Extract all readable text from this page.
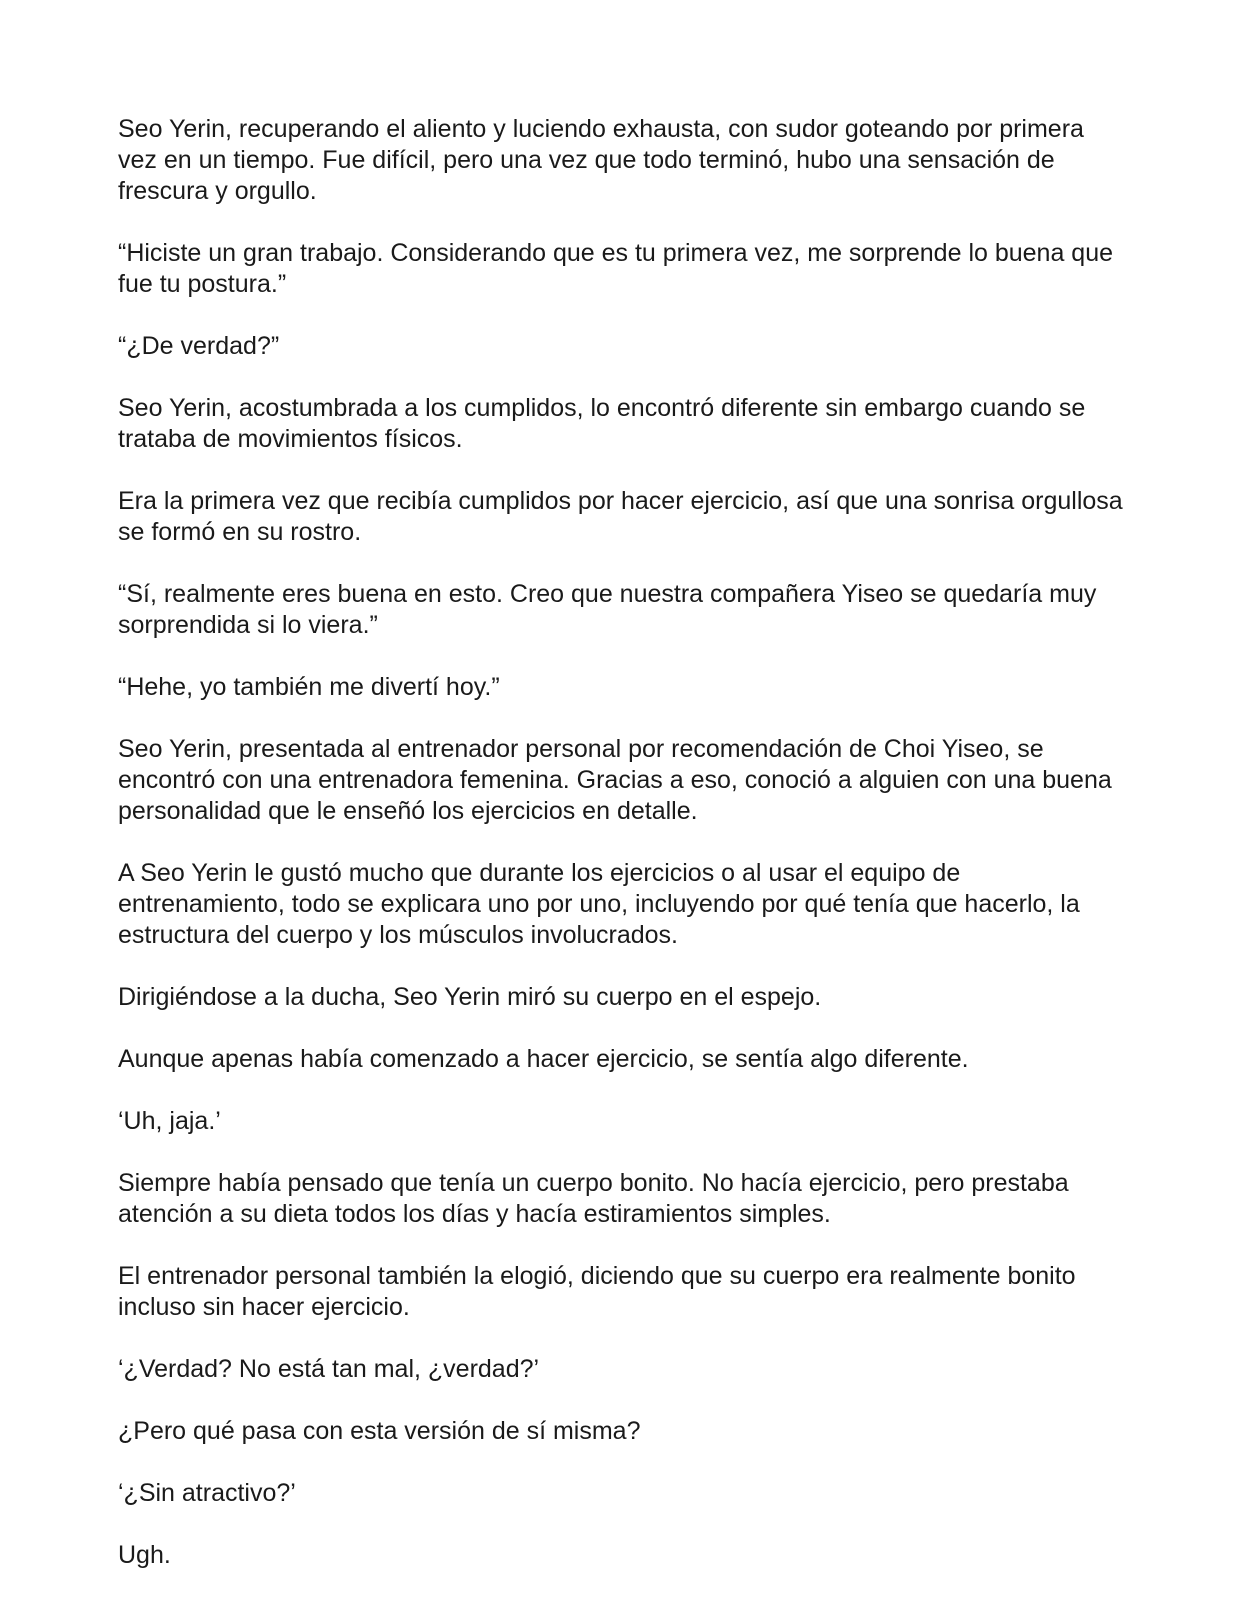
Seo Yerin, recuperando el aliento y luciendo exhausta, con sudor goteando por primera vez en un tiempo. Fue difícil, pero una vez que todo terminó, hubo una sensación de frescura y orgullo.

“Hiciste un gran trabajo. Considerando que es tu primera vez, me sorprende lo buena que fue tu postura.”

“¿De verdad?”

Seo Yerin, acostumbrada a los cumplidos, lo encontró diferente sin embargo cuando se trataba de movimientos físicos.

Era la primera vez que recibía cumplidos por hacer ejercicio, así que una sonrisa orgullosa se formó en su rostro.

“Sí, realmente eres buena en esto. Creo que nuestra compañera Yiseo se quedaría muy sorprendida si lo viera.”

“Hehe, yo también me divertí hoy.”

Seo Yerin, presentada al entrenador personal por recomendación de Choi Yiseo, se encontró con una entrenadora femenina. Gracias a eso, conoció a alguien con una buena personalidad que le enseñó los ejercicios en detalle.

A Seo Yerin le gustó mucho que durante los ejercicios o al usar el equipo de entrenamiento, todo se explicara uno por uno, incluyendo por qué tenía que hacerlo, la estructura del cuerpo y los músculos involucrados.

Dirigiéndose a la ducha, Seo Yerin miró su cuerpo en el espejo.

Aunque apenas había comenzado a hacer ejercicio, se sentía algo diferente.

‘Uh, jaja.’

Siempre había pensado que tenía un cuerpo bonito. No hacía ejercicio, pero prestaba atención a su dieta todos los días y hacía estiramientos simples.

El entrenador personal también la elogió, diciendo que su cuerpo era realmente bonito incluso sin hacer ejercicio.

‘¿Verdad? No está tan mal, ¿verdad?’

¿Pero qué pasa con esta versión de sí misma?

‘¿Sin atractivo?’

Ugh.
